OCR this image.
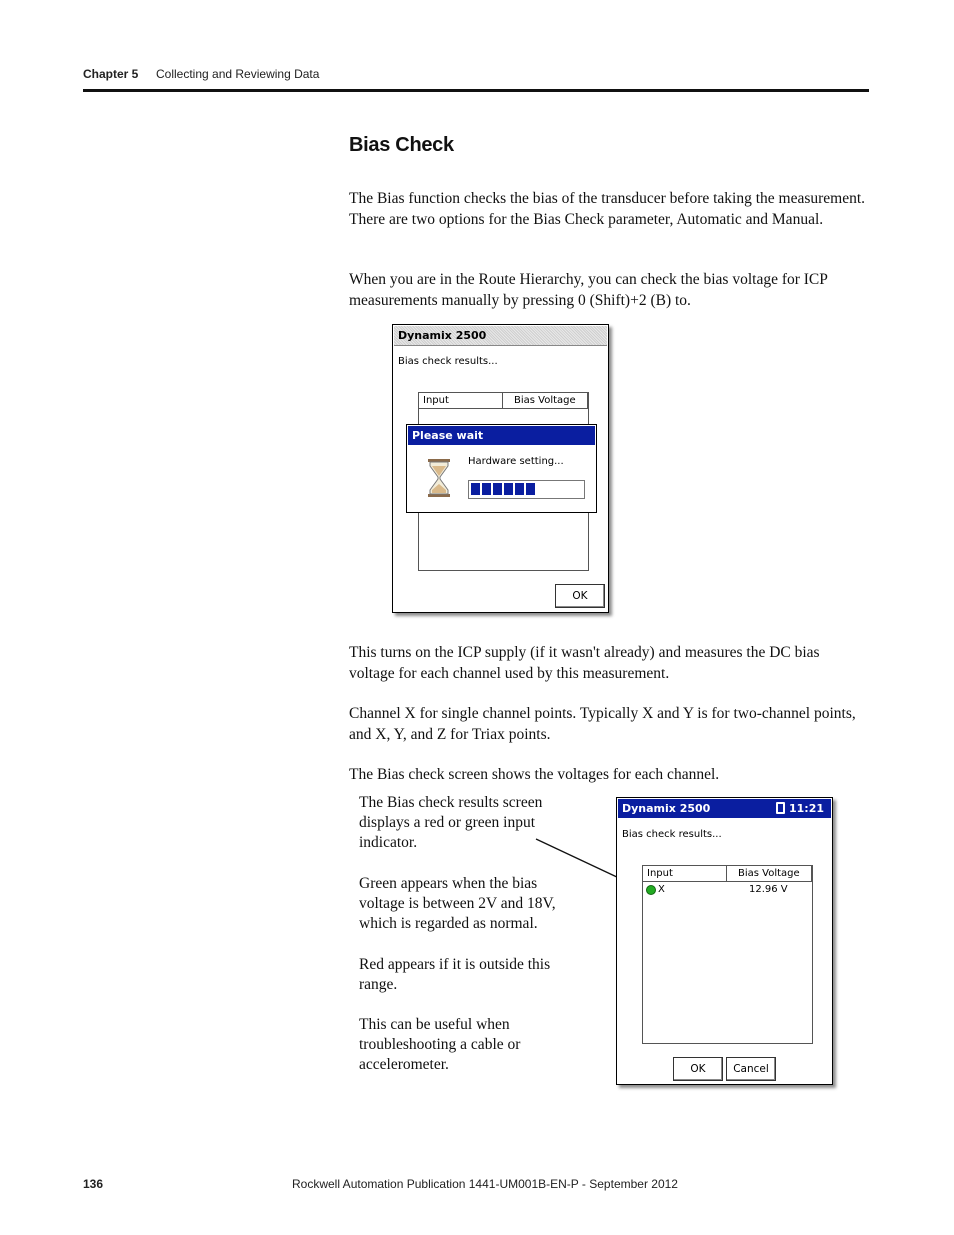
Chapter 5 Collecting and Reviewing Data
Bias Check
The Bias function checks the bias of the transducer before taking the measurement. There are two options for the Bias Check parameter, Automatic and Manual.
When you are in the Route Hierarchy, you can check the bias voltage for ICP measurements manually by pressing 0 (Shift)+2 (B) to.
Dynamix 2500
Bias check results...
Input	Bias Voltage
OK
Please wait
Hardware setting...
This turns on the ICP supply (if it wasn't already) and measures the DC bias voltage for each channel used by this measurement.
Channel X for single channel points. Typically X and Y is for two-channel points, and X, Y, and Z for Triax points.
The Bias check screen shows the voltages for each channel.
The Bias check results screen displays a red or green input indicator.
Green appears when the bias voltage is between 2V and 18V, which is regarded as normal.
Red appears if it is outside this range.
This can be useful when troubleshooting a cable or accelerometer.
Dynamix 2500	11:21
Bias check results...
Input	Bias Voltage
X	12.96 V
OK	Cancel
136	Rockwell Automation Publication 1441-UM001B-EN-P - September 2012
